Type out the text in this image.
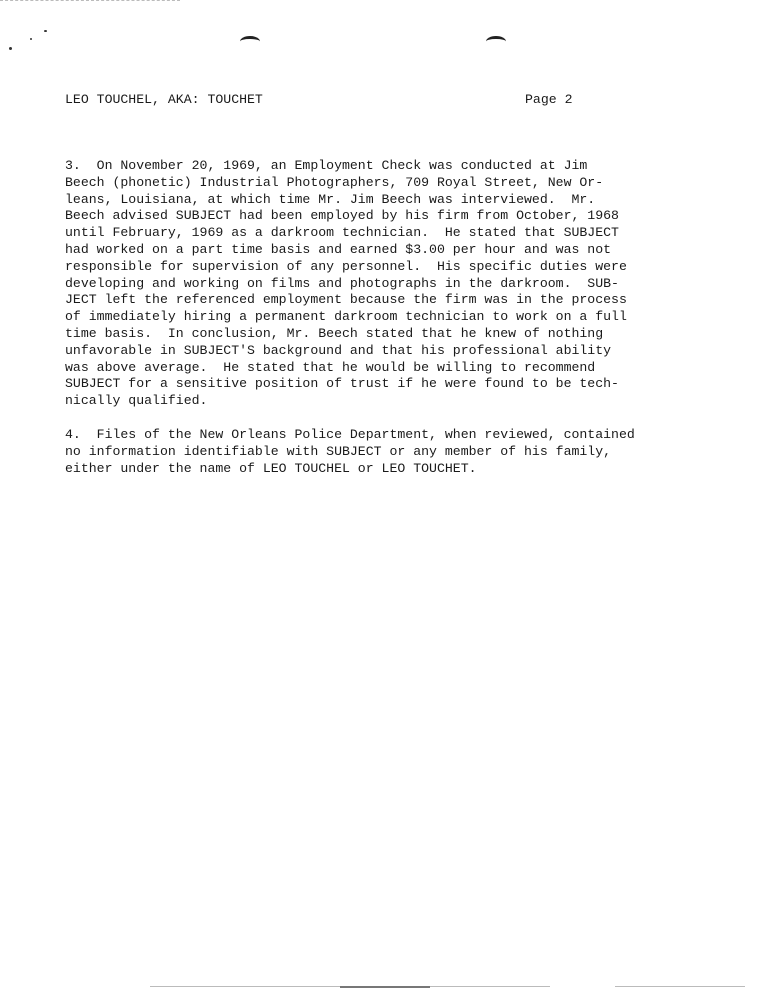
LEO TOUCHEL, AKA: TOUCHET	Page 2
3.  On November 20, 1969, an Employment Check was conducted at Jim
Beech (phonetic) Industrial Photographers, 709 Royal Street, New Or-
leans, Louisiana, at which time Mr. Jim Beech was interviewed.  Mr.
Beech advised SUBJECT had been employed by his firm from October, 1968
until February, 1969 as a darkroom technician.  He stated that SUBJECT
had worked on a part time basis and earned $3.00 per hour and was not
responsible for supervision of any personnel.  His specific duties were
developing and working on films and photographs in the darkroom.  SUB-
JECT left the referenced employment because the firm was in the process
of immediately hiring a permanent darkroom technician to work on a full
time basis.  In conclusion, Mr. Beech stated that he knew of nothing
unfavorable in SUBJECT'S background and that his professional ability
was above average.  He stated that he would be willing to recommend
SUBJECT for a sensitive position of trust if he were found to be tech-
nically qualified.
4.  Files of the New Orleans Police Department, when reviewed, contained
no information identifiable with SUBJECT or any member of his family,
either under the name of LEO TOUCHEL or LEO TOUCHET.
